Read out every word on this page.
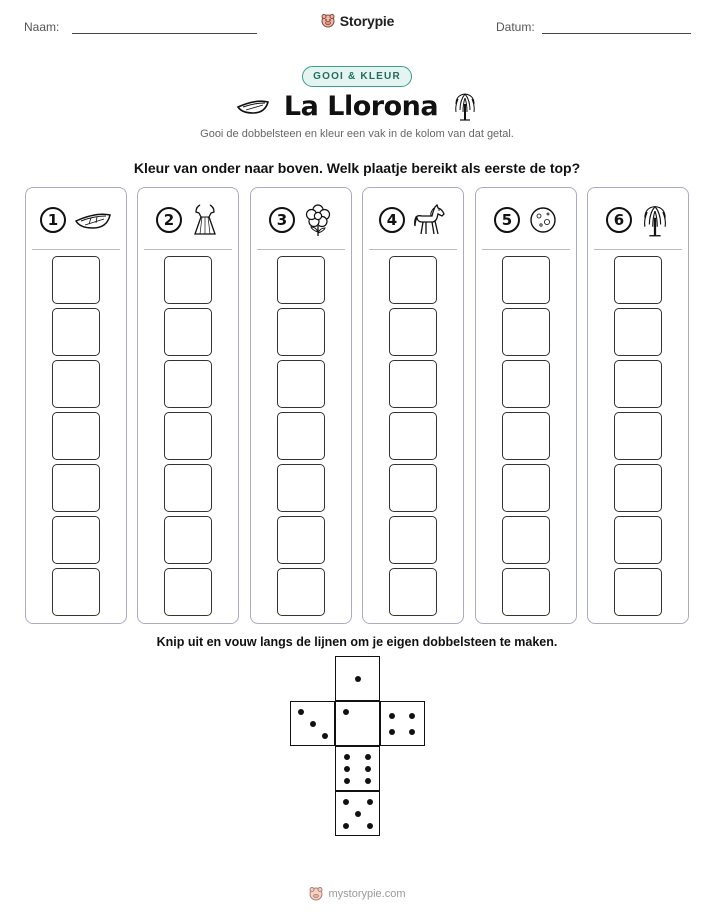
Naam:	Datum:
Storypie
GOOI & KLEUR
La Llorona
Gooi de dobbelsteen en kleur een vak in de kolom van dat getal.
Kleur van onder naar boven. Welk plaatje bereikt als eerste de top?
1	2	3	4	5	6
Knip uit en vouw langs de lijnen om je eigen dobbelsteen te maken.
mystorypie.com
